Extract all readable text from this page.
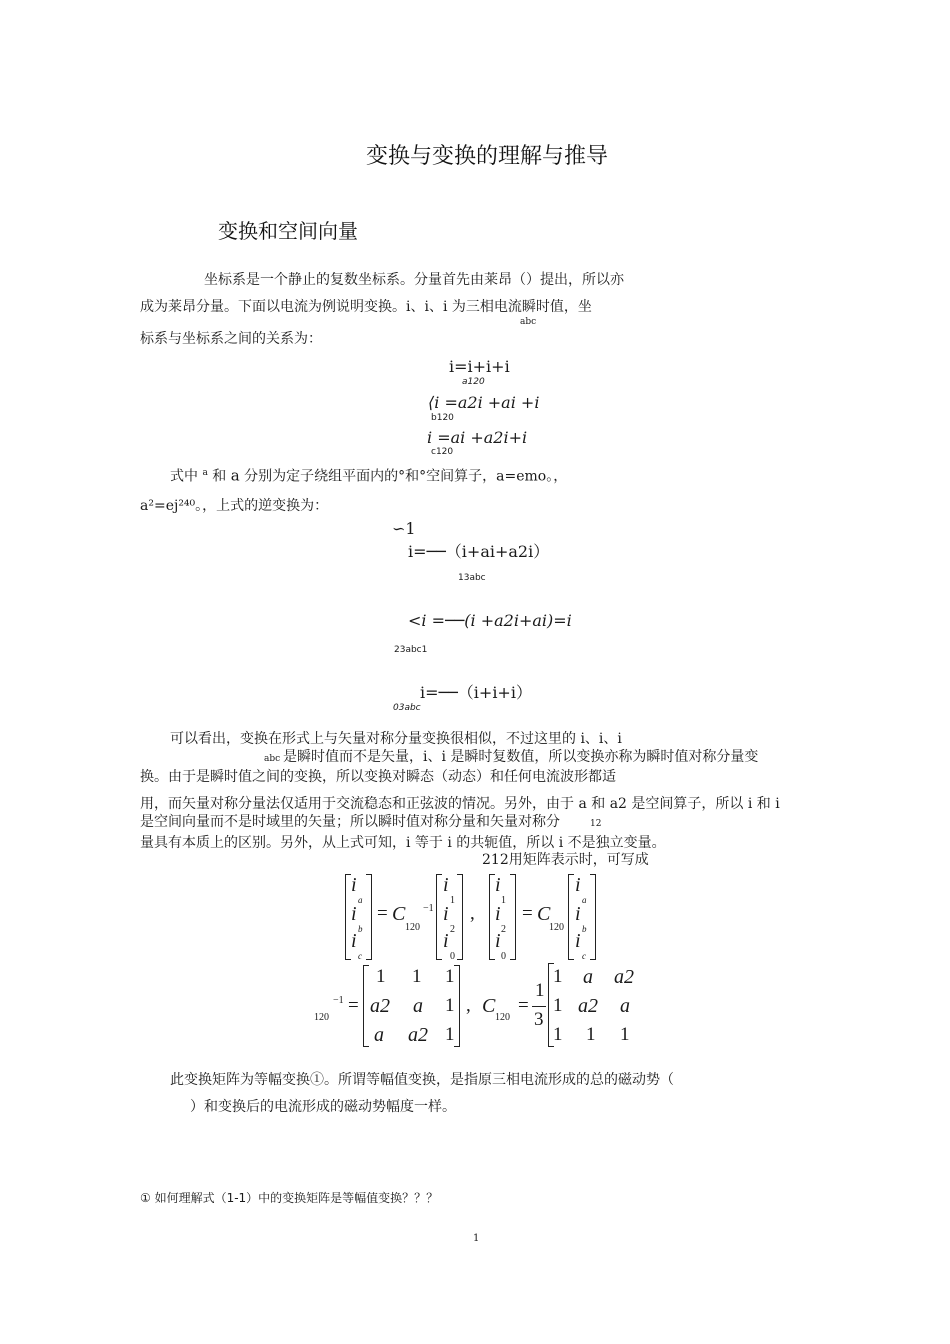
变换与变换的理解与推导
变换和空间向量
坐标系是一个静止的复数坐标系。分量首先由莱昂（）提出，所以亦
成为莱昂分量。下面以电流为例说明变换。i、i、i 为三相电流瞬时值，坐
abc
标系与坐标系之间的关系为：
i=i+i+i
a120
⟨i =a2i +ai +i
b120
i =ai +a2i+i
c120
式中 $^a$ 和 a 分别为定子绕组平面内的°和°空间算子，a=emo。，
a²=ej²⁴⁰。，上式的逆变换为：
∽1
i=──（i+ai+a2i）
13abc
<i =──(i +a2i+ai)=i
23abc1
i=──（i+i+i）
03abc
可以看出，变换在形式上与矢量对称分量变换很相似，不过这里的 i、i、i
abc 是瞬时值而不是矢量，i、i 是瞬时复数值，所以变换亦称为瞬时值对称分量变
换。由于是瞬时值之间的变换，所以变换对瞬态（动态）和任何电流波形都适
用，而矢量对称分量法仅适用于交流稳态和正弦波的情况。另外，由于 a 和 a2 是空间算子，所以 i 和 i
是空间向量而不是时域里的矢量；所以瞬时值对称分量和矢量对称分	12
量具有本质上的区别。另外，从上式可知，i 等于 i 的共轭值，所以 i 不是独立变量。
212用矩阵表示时，可写成
i
a
i
b
i
c
= C
120
−1
i
1
i
2
i
0
,
i
1
i
2
i
0
= C
120
i
a
i
b
i
c
120
−1 =
1 1 1
a2 a 1
a a2 1
, C
120
=
1
3
1 a a2
1 a2 a
1 1 1
此变换矩阵为等幅变换①。所谓等幅值变换，是指原三相电流形成的总的磁动势（
）和变换后的电流形成的磁动势幅度一样。
① 如何理解式（1-1）中的变换矩阵是等幅值变换？？？
1
